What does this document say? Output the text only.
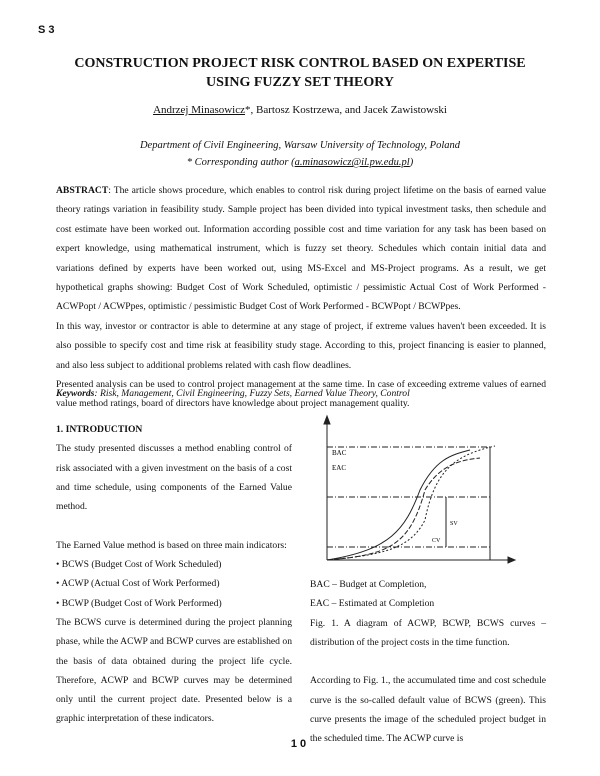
S 3
CONSTRUCTION PROJECT RISK CONTROL BASED ON EXPERTISE USING FUZZY SET THEORY
Andrzej Minasowicz*, Bartosz Kostrzewa, and Jacek Zawistowski
Department of Civil Engineering, Warsaw University of Technology, Poland
* Corresponding author (a.minasowicz@il.pw.edu.pl)

ABSTRACT: The article shows procedure, which enables to control risk during project lifetime on the basis of earned value theory ratings variation in feasibility study. Sample project has been divided into typical investment tasks, then schedule and cost estimate have been worked out. Information according possible cost and time variation for any task has been based on expert knowledge, using mathematical instrument, which is fuzzy set theory. Schedules which contain initial data and variations defined by experts have been worked out, using MS-Excel and MS-Project programs. As a result, we get hypothetical graphs showing: Budget Cost of Work Scheduled, optimistic / pessimistic Actual Cost of Work Performed - ACWPopt / ACWPpes, optimistic / pessimistic Budget Cost of Work Performed - BCWPopt / BCWPpes.

In this way, investor or contractor is able to determine at any stage of project, if extreme values haven't been exceeded. It is also possible to specify cost and time risk at feasibility study stage. According to this, project financing is easier to planned, and also less subject to additional problems related with cash flow deadlines.

Presented analysis can be used to control project management at the same time. In case of exceeding extreme values of earned value method ratings, board of directors have knowledge about project management quality.

Keywords: Risk, Management, Civil Engineering, Fuzzy Sets, Earned Value Theory, Control

1. INTRODUCTION

The study presented discusses a method enabling control of risk associated with a given investment on the basis of a cost and time schedule, using components of the Earned Value method.

The Earned Value method is based on three main indicators:

• BCWS (Budget Cost of Work Scheduled)

• ACWP (Actual Cost of Work Performed)

• BCWP (Budget Cost of Work Performed)

The BCWS curve is determined during the project planning phase, while the ACWP and BCWP curves are established on the basis of data obtained during the project life cycle. Therefore, ACWP and BCWP curves may be determined only until the current project date. Presented below is a graphic interpretation of these indicators.

BAC
EAC
SV
CV

BAC – Budget at Completion,

EAC – Estimated at Completion

Fig. 1. A diagram of ACWP, BCWP, BCWS curves – distribution of the project costs in the time function.

According to Fig. 1., the accumulated time and cost schedule curve is the so-called default value of BCWS (green). This curve presents the image of the scheduled project budget in the scheduled time. The ACWP curve is

10
